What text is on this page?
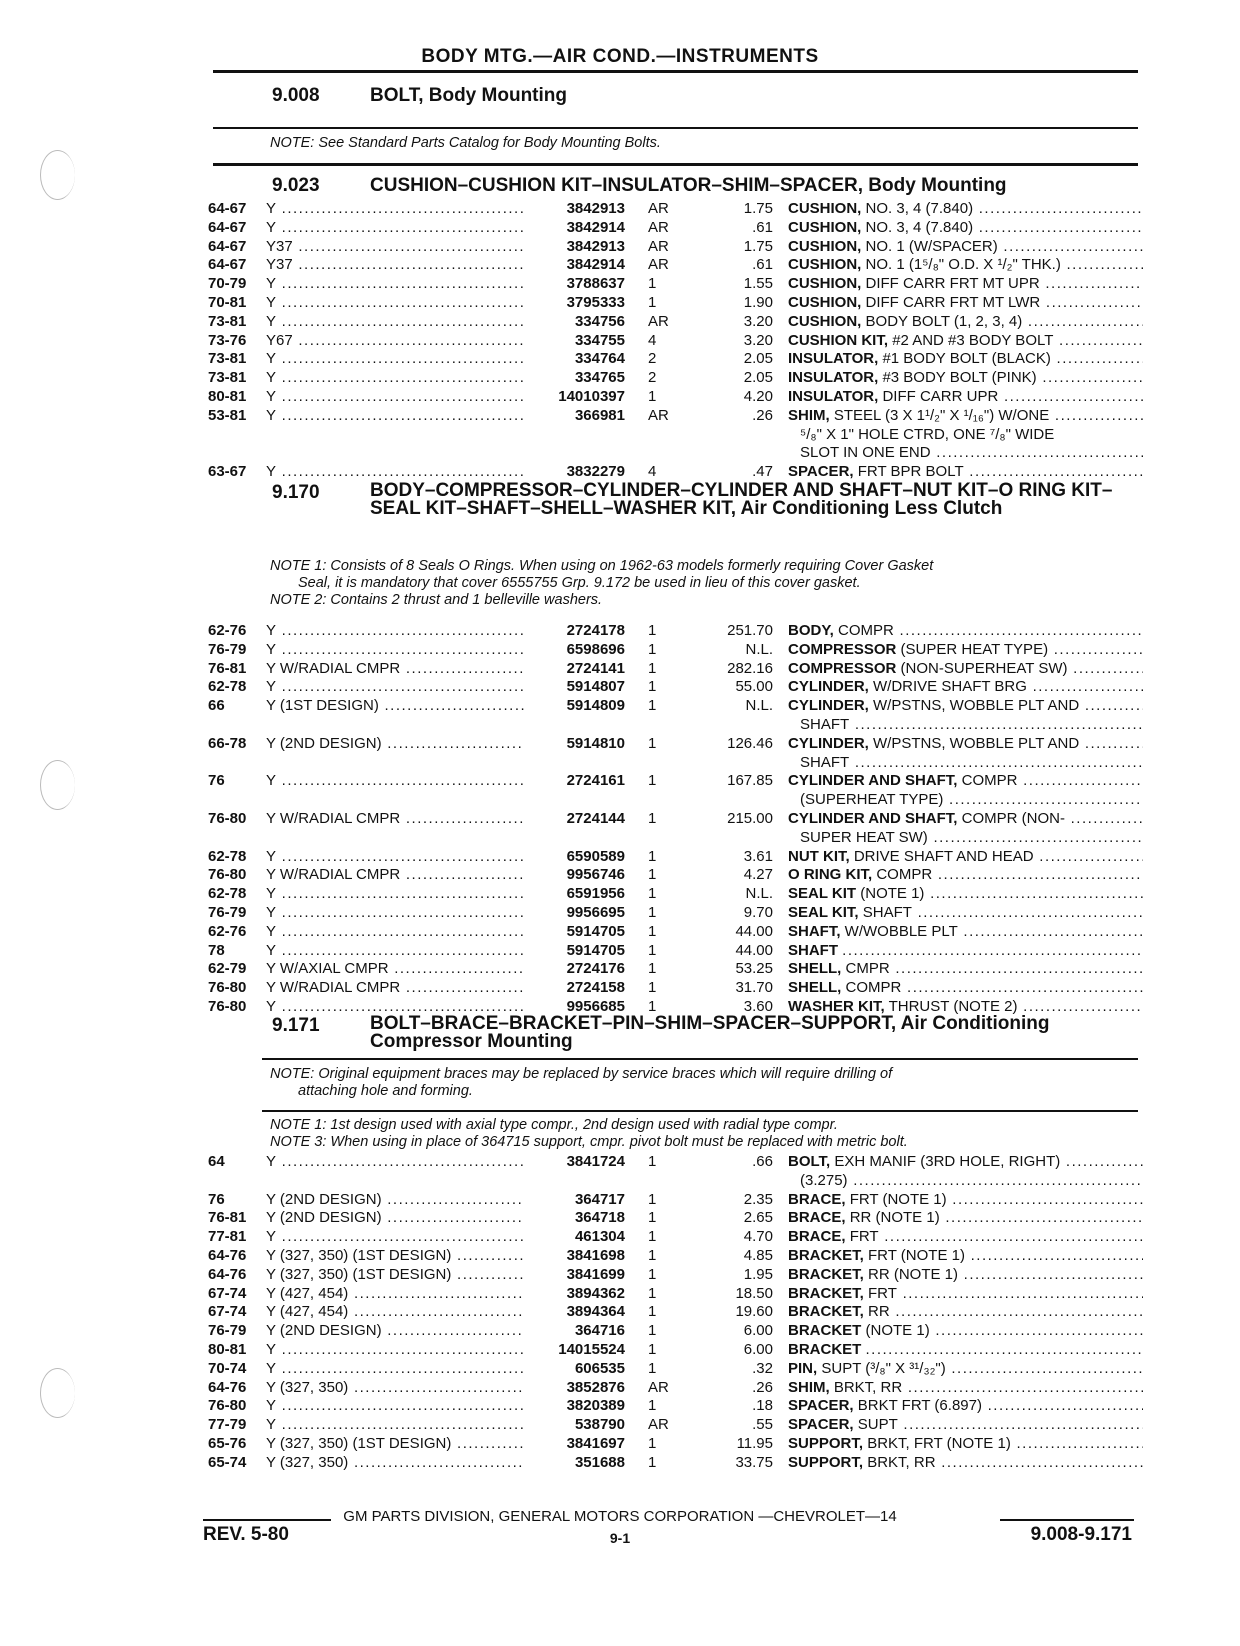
BODY MTG.—AIR COND.—INSTRUMENTS
9.008	BOLT, Body Mounting
NOTE: See Standard Parts Catalog for Body Mounting Bolts.
9.023	CUSHION–CUSHION KIT–INSULATOR–SHIM–SPACER, Body Mounting
64-67 Y .....	3842913 AR	1.75 CUSHION, NO. 3, 4 (7.840) .....
64-67 Y .....	3842914 AR	.61 CUSHION, NO. 3, 4 (7.840) .....
64-67 Y37 .....	3842913 AR	1.75 CUSHION, NO. 1 (W/SPACER) .....
64-67 Y37 .....	3842914 AR	.61 CUSHION, NO. 1 (1⁵/₈" O.D. X ¹/₂" THK.) .....
70-79 Y .....	3788637 1	1.55 CUSHION, DIFF CARR FRT MT UPR .....
70-81 Y .....	3795333 1	1.90 CUSHION, DIFF CARR FRT MT LWR .....
73-81 Y .....	334756 AR	3.20 CUSHION, BODY BOLT (1, 2, 3, 4) .....
73-76 Y67 .....	334755 4	3.20 CUSHION KIT, #2 AND #3 BODY BOLT .....
73-81 Y .....	334764 2	2.05 INSULATOR, #1 BODY BOLT (BLACK) .....
73-81 Y .....	334765 2	2.05 INSULATOR, #3 BODY BOLT (PINK) .....
80-81 Y .....	14010397 1	4.20 INSULATOR, DIFF CARR UPR .....
53-81 Y .....	366981 AR	.26 SHIM, STEEL (3 X 1¹/₂" X ¹/₁₆") W/ONE .....
⁵/₈" X 1" HOLE CTRD, ONE ⁷/₈" WIDE
SLOT IN ONE END .....
63-67 Y .....	3832279 4	.47 SPACER, FRT BPR BOLT .....
9.170	BODY–COMPRESSOR–CYLINDER–CYLINDER AND SHAFT–NUT KIT–O RING KIT–SEAL KIT–SHAFT–SHELL–WASHER KIT, Air Conditioning Less Clutch
NOTE 1: Consists of 8 Seals O Rings. When using on 1962-63 models formerly requiring Cover Gasket
Seal, it is mandatory that cover 6555755 Grp. 9.172 be used in lieu of this cover gasket.
NOTE 2: Contains 2 thrust and 1 belleville washers.
62-76 Y .....	2724178 1	251.70 BODY, COMPR .....
76-79 Y .....	6598696 1	N.L. COMPRESSOR (SUPER HEAT TYPE) .....
76-81 Y W/RADIAL CMPR .....	2724141 1	282.16 COMPRESSOR (NON-SUPERHEAT SW) .....
62-78 Y .....	5914807 1	55.00 CYLINDER, W/DRIVE SHAFT BRG .....
66	Y (1ST DESIGN) .....	5914809 1	N.L. CYLINDER, W/PSTNS, WOBBLE PLT AND .....
SHAFT .....
66-78 Y (2ND DESIGN) .....	5914810 1	126.46 CYLINDER, W/PSTNS, WOBBLE PLT AND .....
SHAFT .....
76	Y .....	2724161 1	167.85 CYLINDER AND SHAFT, COMPR .....
(SUPERHEAT TYPE) .....
76-80 Y W/RADIAL CMPR .....	2724144 1	215.00 CYLINDER AND SHAFT, COMPR (NON- .....
SUPER HEAT SW) .....
62-78 Y .....	6590589 1	3.61 NUT KIT, DRIVE SHAFT AND HEAD .....
76-80 Y W/RADIAL CMPR .....	9956746 1	4.27 O RING KIT, COMPR .....
62-78 Y .....	6591956 1	N.L. SEAL KIT (NOTE 1) .....
76-79 Y .....	9956695 1	9.70 SEAL KIT, SHAFT .....
62-76 Y .....	5914705 1	44.00 SHAFT, W/WOBBLE PLT .....
78	Y .....	5914705 1	44.00 SHAFT .....
62-79 Y W/AXIAL CMPR .....	2724176 1	53.25 SHELL, CMPR .....
76-80 Y W/RADIAL CMPR .....	2724158 1	31.70 SHELL, COMPR .....
76-80 Y .....	9956685 1	3.60 WASHER KIT, THRUST (NOTE 2) .....
9.171	BOLT–BRACE–BRACKET–PIN–SHIM–SPACER–SUPPORT, Air Conditioning Compressor Mounting
NOTE: Original equipment braces may be replaced by service braces which will require drilling of
attaching hole and forming.
NOTE 1: 1st design used with axial type compr., 2nd design used with radial type compr.
NOTE 3: When using in place of 364715 support, cmpr. pivot bolt must be replaced with metric bolt.
64	Y .....	3841724 1	.66 BOLT, EXH MANIF (3RD HOLE, RIGHT) .....
(3.275) .....
76	Y (2ND DESIGN) .....	364717 1	2.35 BRACE, FRT (NOTE 1) .....
76-81 Y (2ND DESIGN) .....	364718 1	2.65 BRACE, RR (NOTE 1) .....
77-81 Y .....	461304 1	4.70 BRACE, FRT .....
64-76 Y (327, 350) (1ST DESIGN) .....	3841698 1	4.85 BRACKET, FRT (NOTE 1) .....
64-76 Y (327, 350) (1ST DESIGN) .....	3841699 1	1.95 BRACKET, RR (NOTE 1) .....
67-74 Y (427, 454) .....	3894362 1	18.50 BRACKET, FRT .....
67-74 Y (427, 454) .....	3894364 1	19.60 BRACKET, RR .....
76-79 Y (2ND DESIGN) .....	364716 1	6.00 BRACKET (NOTE 1) .....
80-81 Y .....	14015524 1	6.00 BRACKET .....
70-74 Y .....	606535 1	.32 PIN, SUPT (³/₈" X ³¹/₃₂") .....
64-76 Y (327, 350) .....	3852876 AR	.26 SHIM, BRKT, RR .....
76-80 Y .....	3820389 1	.18 SPACER, BRKT FRT (6.897) .....
77-79 Y .....	538790 AR	.55 SPACER, SUPT .....
65-76 Y (327, 350) (1ST DESIGN) .....	3841697 1	11.95 SUPPORT, BRKT, FRT (NOTE 1) .....
65-74 Y (327, 350) .....	351688 1	33.75 SUPPORT, BRKT, RR .....
GM PARTS DIVISION, GENERAL MOTORS CORPORATION —CHEVROLET—14
REV. 5-80	9-1	9.008-9.171
